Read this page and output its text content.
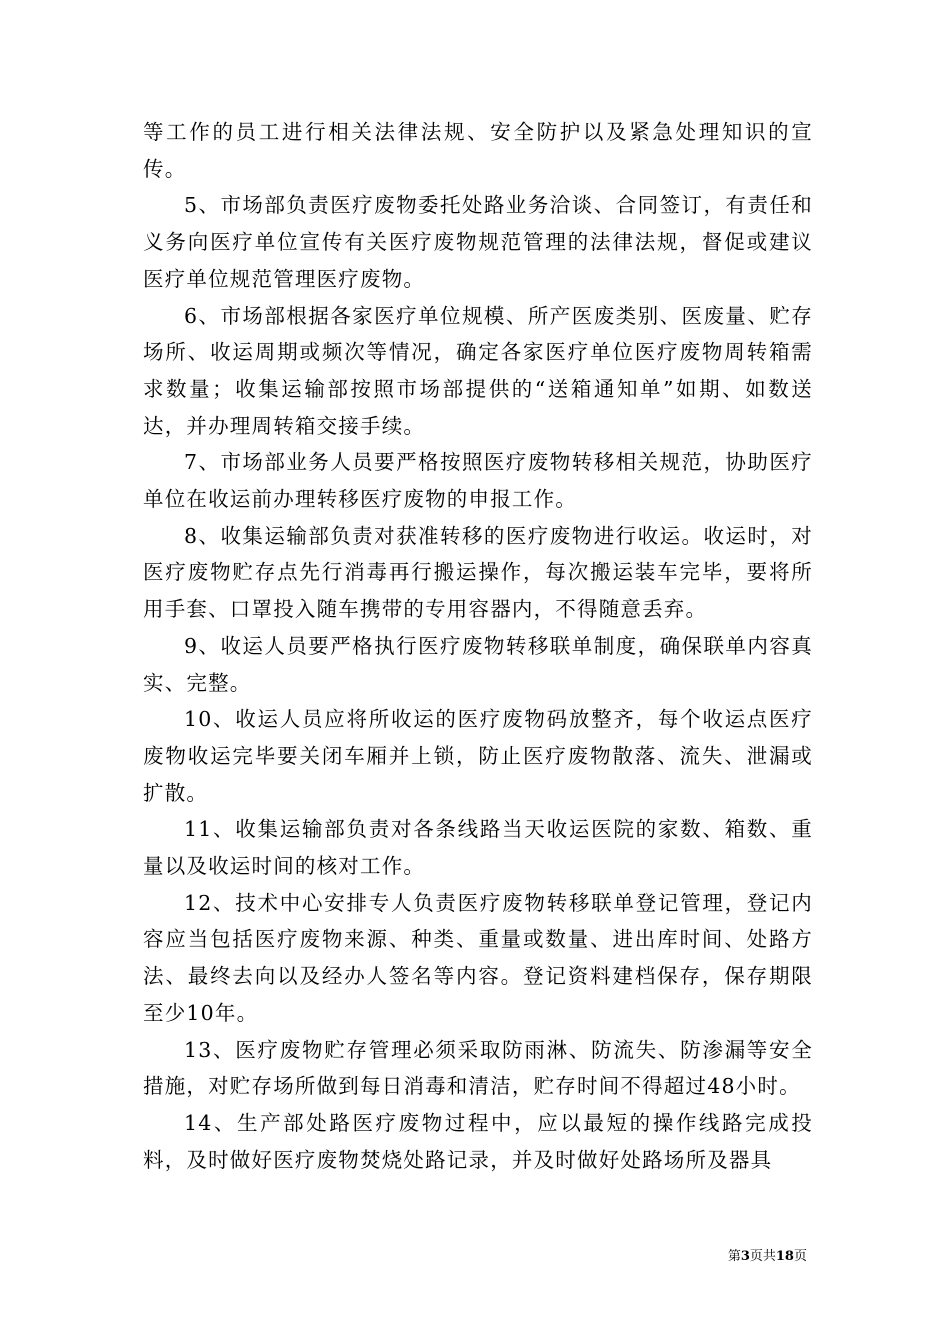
等工作的员工进行相关法律法规、安全防护以及紧急处理知识的宣传。

5、市场部负责医疗废物委托处路业务洽谈、合同签订，有责任和义务向医疗单位宣传有关医疗废物规范管理的法律法规，督促或建议医疗单位规范管理医疗废物。

6、市场部根据各家医疗单位规模、所产医废类别、医废量、贮存场所、收运周期或频次等情况，确定各家医疗单位医疗废物周转箱需求数量；收集运输部按照市场部提供的“送箱通知单”如期、如数送达，并办理周转箱交接手续。

7、市场部业务人员要严格按照医疗废物转移相关规范，协助医疗单位在收运前办理转移医疗废物的申报工作。

8、收集运输部负责对获准转移的医疗废物进行收运。收运时，对医疗废物贮存点先行消毒再行搬运操作，每次搬运装车完毕，要将所用手套、口罩投入随车携带的专用容器内，不得随意丢弃。

9、收运人员要严格执行医疗废物转移联单制度，确保联单内容真实、完整。

10、收运人员应将所收运的医疗废物码放整齐，每个收运点医疗废物收运完毕要关闭车厢并上锁，防止医疗废物散落、流失、泄漏或扩散。

11、收集运输部负责对各条线路当天收运医院的家数、箱数、重量以及收运时间的核对工作。

12、技术中心安排专人负责医疗废物转移联单登记管理，登记内容应当包括医疗废物来源、种类、重量或数量、进出库时间、处路方法、最终去向以及经办人签名等内容。登记资料建档保存，保存期限至少10年。

13、医疗废物贮存管理必须采取防雨淋、防流失、防渗漏等安全措施，对贮存场所做到每日消毒和清洁，贮存时间不得超过48小时。

14、生产部处路医疗废物过程中，应以最短的操作线路完成投料，及时做好医疗废物焚烧处路记录，并及时做好处路场所及器具

第3页共18页
